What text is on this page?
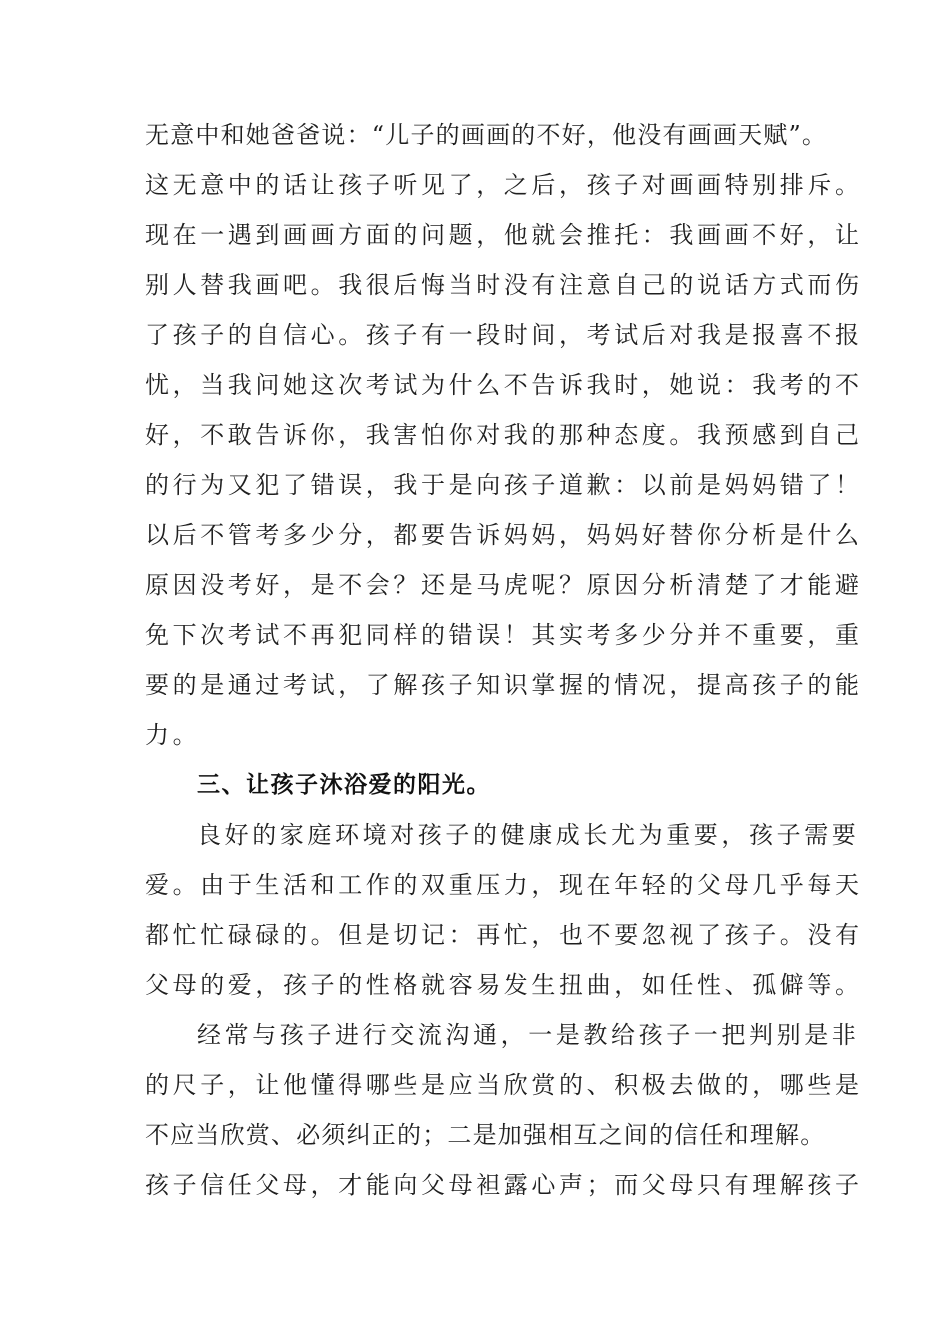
无意中和她爸爸说：“儿子的画画的不好，他没有画画天赋”。
这无意中的话让孩子听见了，之后，孩子对画画特别排斥。
现在一遇到画画方面的问题，他就会推托：我画画不好，让
别人替我画吧。我很后悔当时没有注意自己的说话方式而伤
了孩子的自信心。孩子有一段时间，考试后对我是报喜不报
忧，当我问她这次考试为什么不告诉我时，她说：我考的不
好，不敢告诉你，我害怕你对我的那种态度。我预感到自己
的行为又犯了错误，我于是向孩子道歉：以前是妈妈错了！
以后不管考多少分，都要告诉妈妈，妈妈好替你分析是什么
原因没考好，是不会？还是马虎呢？原因分析清楚了才能避
免下次考试不再犯同样的错误！其实考多少分并不重要，重
要的是通过考试，了解孩子知识掌握的情况，提高孩子的能
力。
三、让孩子沐浴爱的阳光。
良好的家庭环境对孩子的健康成长尤为重要，孩子需要
爱。由于生活和工作的双重压力，现在年轻的父母几乎每天
都忙忙碌碌的。但是切记：再忙，也不要忽视了孩子。没有
父母的爱，孩子的性格就容易发生扭曲，如任性、孤僻等。
经常与孩子进行交流沟通，一是教给孩子一把判别是非
的尺子，让他懂得哪些是应当欣赏的、积极去做的，哪些是
不应当欣赏、必须纠正的；二是加强相互之间的信任和理解。
孩子信任父母，才能向父母袒露心声；而父母只有理解孩子
